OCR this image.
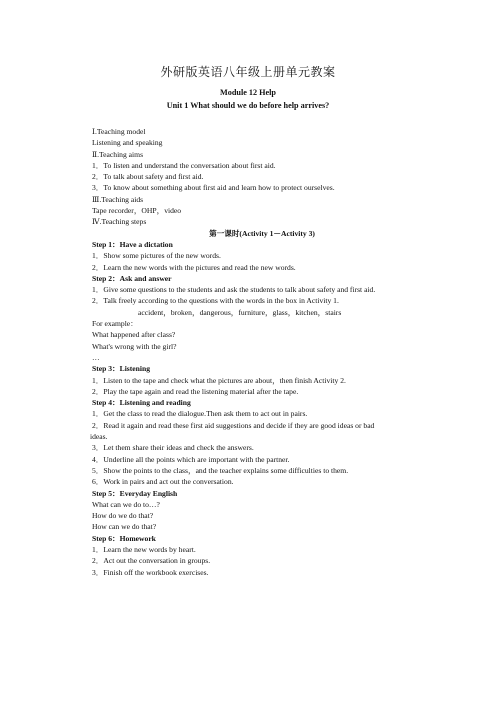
外研版英语八年级上册单元教案
Module 12 Help
Unit 1 What should we do before help arrives?
Ⅰ.Teaching model
Listening and speaking
Ⅱ.Teaching aims
1．To listen and understand the conversation about first aid.
2．To talk about safety and first aid.
3．To know about something about first aid and learn how to protect ourselves.
Ⅲ.Teaching aids
Tape recorder，OHP，video
Ⅳ.Teaching steps
第一课时(Activity 1－Activity 3)
Step 1：Have a dictation
1．Show some pictures of the new words.
2．Learn the new words with the pictures and read the new words.
Step 2：Ask and answer
1．Give some questions to the students and ask the students to talk about safety and first aid.
2．Talk freely according to the questions with the words in the box in Activity 1.
accident，broken，dangerous，furniture，glass，kitchen，stairs
For example：
What happened after class?
What's wrong with the girl?
…
Step 3：Listening
1．Listen to the tape and check what the pictures are about，then finish Activity 2.
2．Play the tape again and read the listening material after the tape.
Step 4：Listening and reading
1．Get the class to read the dialogue.Then ask them to act out in pairs.
2．Read it again and read these first aid suggestions and decide if they are good ideas or bad
ideas.
3．Let them share their ideas and check the answers.
4．Underline all the points which are important with the partner.
5．Show the points to the class，and the teacher explains some difficulties to them.
6．Work in pairs and act out the conversation.
Step 5：Everyday English
What can we do to…?
How do we do that?
How can we do that?
Step 6：Homework
1．Learn the new words by heart.
2．Act out the conversation in groups.
3．Finish off the workbook exercises.
